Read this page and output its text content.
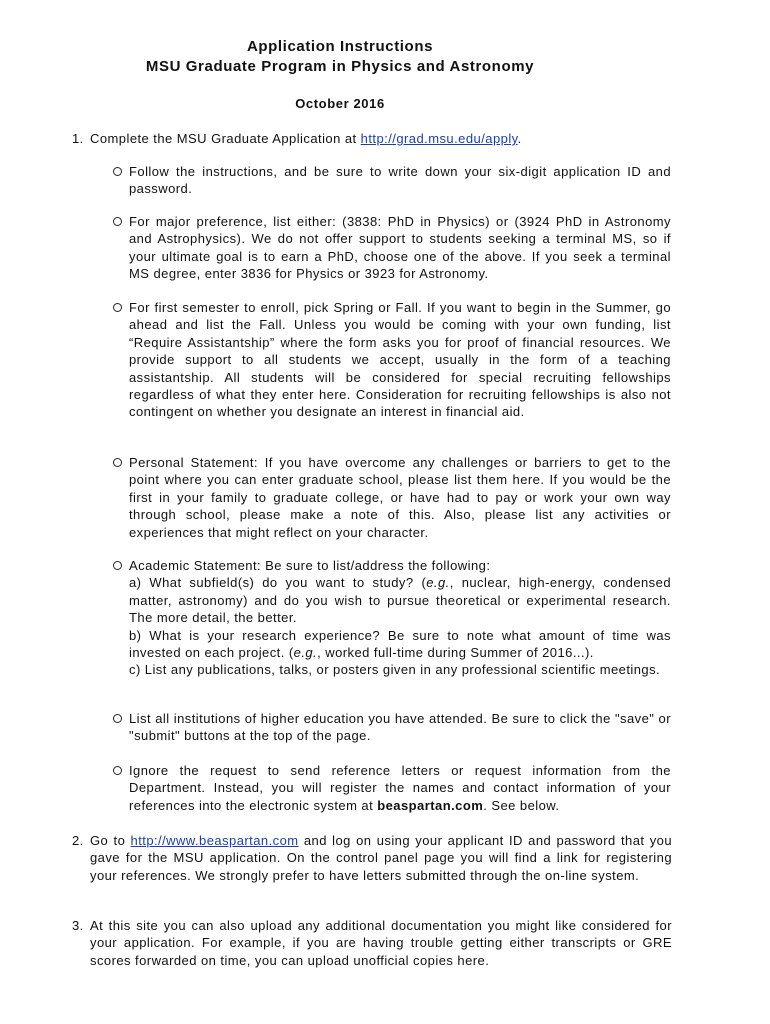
Application Instructions
MSU Graduate Program in Physics and Astronomy
October 2016
1. Complete the MSU Graduate Application at http://grad.msu.edu/apply.
Follow the instructions, and be sure to write down your six-digit application ID and password.
For major preference, list either: (3838: PhD in Physics) or (3924 PhD in Astronomy and Astrophysics). We do not offer support to students seeking a terminal MS, so if your ultimate goal is to earn a PhD, choose one of the above. If you seek a terminal MS degree, enter 3836 for Physics or 3923 for Astronomy.
For first semester to enroll, pick Spring or Fall. If you want to begin in the Summer, go ahead and list the Fall. Unless you would be coming with your own funding, list “Require Assistantship” where the form asks you for proof of financial resources. We provide support to all students we accept, usually in the form of a teaching assistantship. All students will be considered for special recruiting fellowships regardless of what they enter here. Consideration for recruiting fellowships is also not contingent on whether you designate an interest in financial aid.
Personal Statement: If you have overcome any challenges or barriers to get to the point where you can enter graduate school, please list them here. If you would be the first in your family to graduate college, or have had to pay or work your own way through school, please make a note of this. Also, please list any activities or experiences that might reflect on your character.
Academic Statement: Be sure to list/address the following:
a) What subfield(s) do you want to study? (e.g., nuclear, high-energy, condensed matter, astronomy) and do you wish to pursue theoretical or experimental research. The more detail, the better.
b) What is your research experience? Be sure to note what amount of time was invested on each project. (e.g., worked full-time during Summer of 2016...).
c) List any publications, talks, or posters given in any professional scientific meetings.
List all institutions of higher education you have attended. Be sure to click the "save" or "submit" buttons at the top of the page.
Ignore the request to send reference letters or request information from the Department. Instead, you will register the names and contact information of your references into the electronic system at beaspartan.com. See below.
2. Go to http://www.beaspartan.com and log on using your applicant ID and password that you gave for the MSU application. On the control panel page you will find a link for registering your references. We strongly prefer to have letters submitted through the on-line system.
3. At this site you can also upload any additional documentation you might like considered for your application. For example, if you are having trouble getting either transcripts or GRE scores forwarded on time, you can upload unofficial copies here.
